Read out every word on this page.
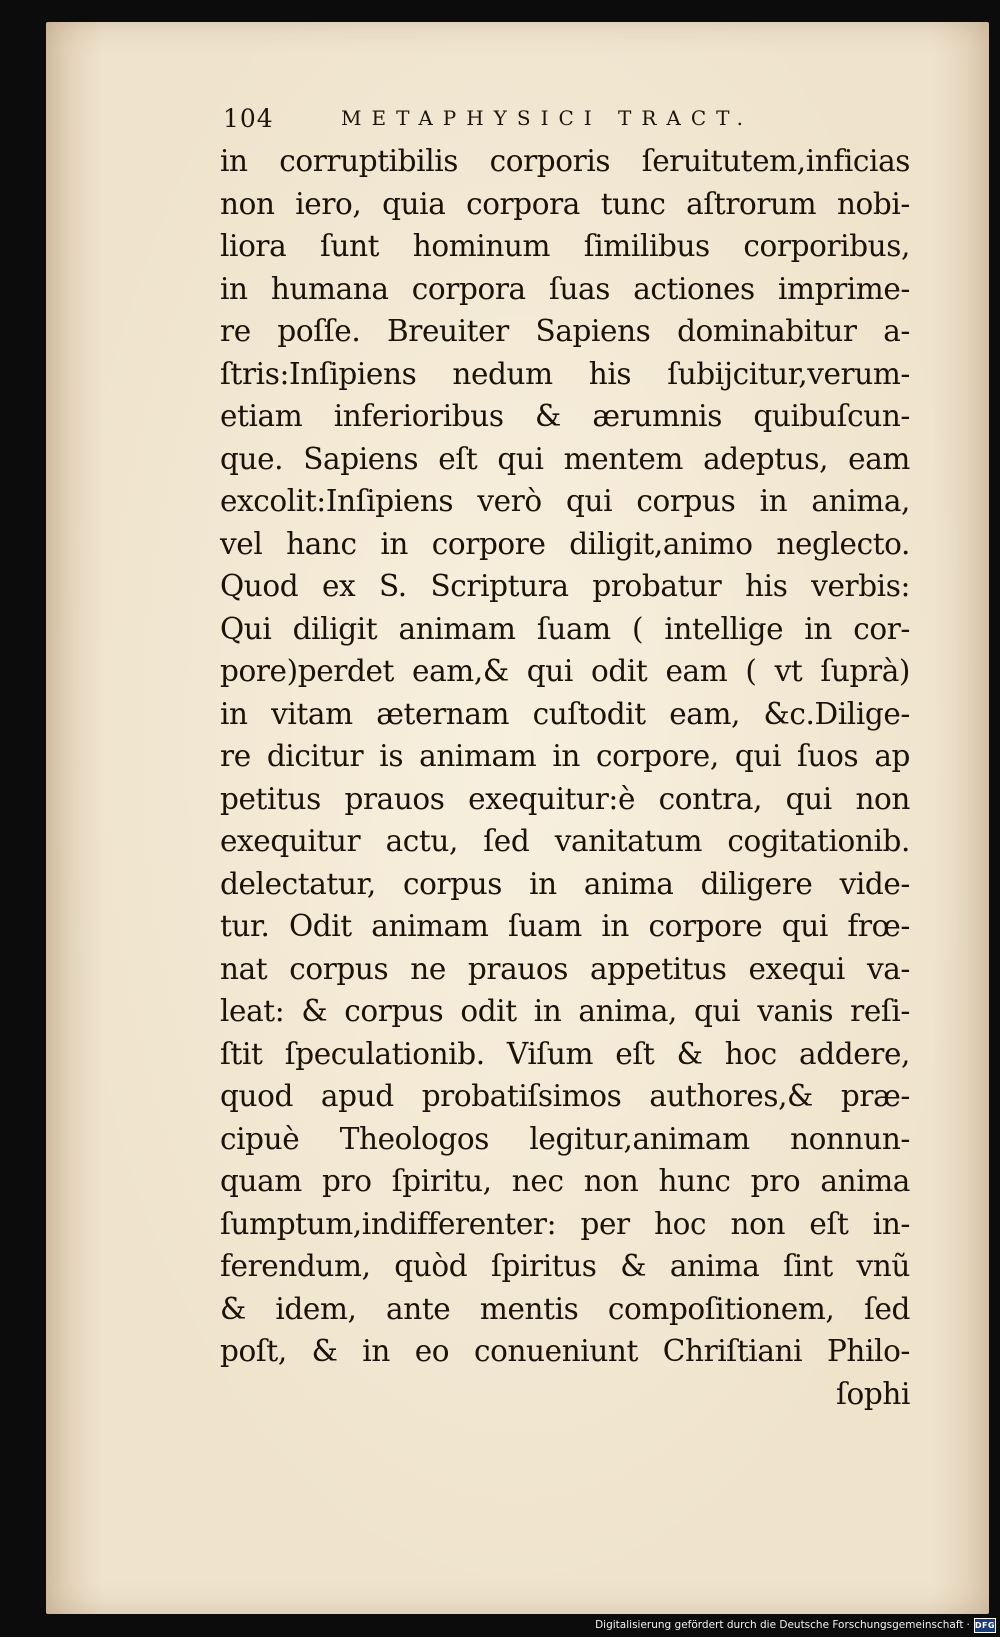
104	METAPHYSICI TRACT.
in corruptibilis corporis ſeruitutem,inficias
non iero, quia corpora tunc aſtrorum nobi-
liora ſunt hominum ſimilibus corporibus,
in humana corpora ſuas actiones imprime-
re poſſe. Breuiter Sapiens dominabitur a-
ſtris:Inſipiens nedum his ſubijcitur,verum-
etiam inferioribus & ærumnis quibuſcun-
que. Sapiens eſt qui mentem adeptus, eam
excolit:Inſipiens verò qui corpus in anima,
vel hanc in corpore diligit,animo neglecto.
Quod ex S. Scriptura probatur his verbis:
Qui diligit animam ſuam ( intellige in cor-
pore)perdet eam,& qui odit eam ( vt ſuprà)
in vitam æternam cuſtodit eam, &c.Dilige-
re dicitur is animam in corpore, qui ſuos ap
petitus prauos exequitur:è contra, qui non
exequitur actu, ſed vanitatum cogitationib.
delectatur, corpus in anima diligere vide-
tur. Odit animam ſuam in corpore qui frœ-
nat corpus ne prauos appetitus exequi va-
leat: & corpus odit in anima, qui vanis reſi-
ſtit ſpeculationib. Viſum eſt & hoc addere,
quod apud probatiſsimos authores,& præ-
cipuè Theologos legitur,animam nonnun-
quam pro ſpiritu, nec non hunc pro anima
ſumptum,indifferenter: per hoc non eſt in-
ferendum, quòd ſpiritus & anima ſint vnũ
& idem, ante mentis compoſitionem, ſed
poſt, & in eo conueniunt Chriſtiani Philo-
ſophi
Digitalisierung gefördert durch die Deutsche Forschungsgemeinschaft · DFG
